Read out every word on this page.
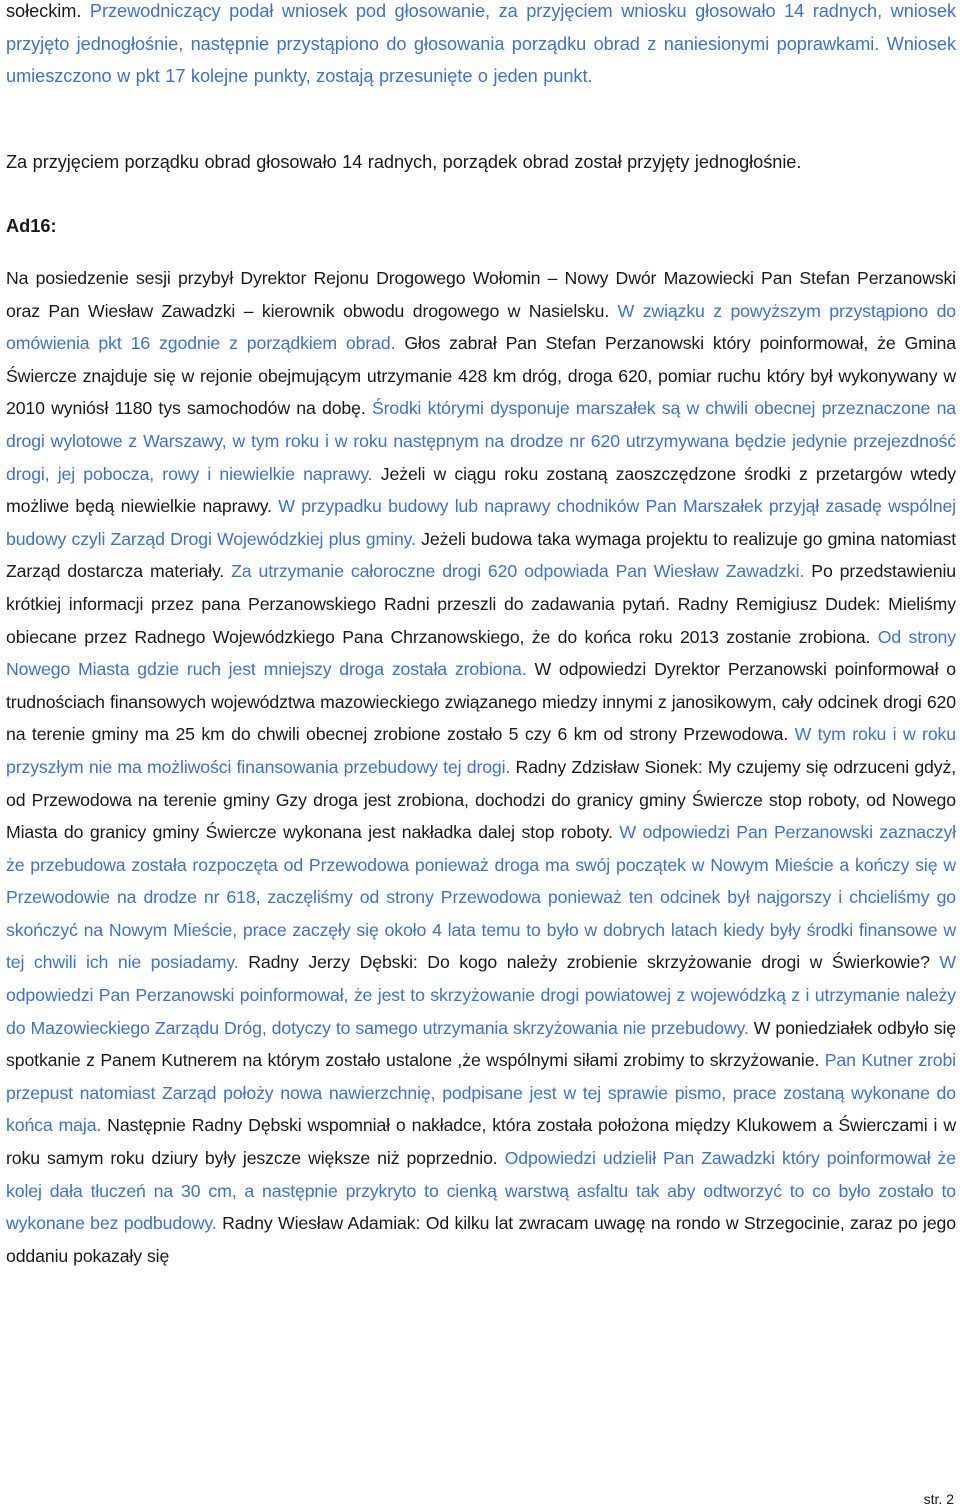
sołeckim. Przewodniczący podał wniosek pod głosowanie, za przyjęciem wniosku głosowało 14 radnych, wniosek przyjęto jednogłośnie, następnie przystąpiono do głosowania porządku obrad z naniesionymi poprawkami. Wniosek umieszczono w pkt 17 kolejne punkty, zostają przesunięte o jeden punkt.

Za przyjęciem porządku obrad głosowało 14 radnych, porządek obrad został przyjęty jednogłośnie.

Ad16:

Na posiedzenie sesji przybył Dyrektor Rejonu Drogowego Wołomin – Nowy Dwór Mazowiecki Pan Stefan Perzanowski oraz Pan Wiesław Zawadzki – kierownik obwodu drogowego w Nasielsku. W związku z powyższym przystąpiono do omówienia pkt 16 zgodnie z porządkiem obrad. Głos zabrał Pan Stefan Perzanowski który poinformował, że Gmina Świercze znajduje się w rejonie obejmującym utrzymanie 428 km dróg, droga 620, pomiar ruchu który był wykonywany w 2010 wyniósł 1180 tys samochodów na dobę. Środki którymi dysponuje marszałek są w chwili obecnej przeznaczone na drogi wylotowe z Warszawy, w tym roku i w roku następnym na drodze nr 620 utrzymywana będzie jedynie przejezdność drogi, jej pobocza, rowy i niewielkie naprawy. Jeżeli w ciągu roku zostaną zaoszczędzone środki z przetargów wtedy możliwe będą niewielkie naprawy. W przypadku budowy lub naprawy chodników Pan Marszałek przyjął zasadę wspólnej budowy czyli Zarząd Drogi Wojewódzkiej plus gminy. Jeżeli budowa taka wymaga projektu to realizuje go gmina natomiast Zarząd dostarcza materiały. Za utrzymanie całoroczne drogi 620 odpowiada Pan Wiesław Zawadzki. Po przedstawieniu krótkiej informacji przez pana Perzanowskiego Radni przeszli do zadawania pytań. Radny Remigiusz Dudek: Mieliśmy obiecane przez Radnego Wojewódzkiego Pana Chrzanowskiego, że do końca roku 2013 zostanie zrobiona. Od strony Nowego Miasta gdzie ruch jest mniejszy droga została zrobiona. W odpowiedzi Dyrektor Perzanowski poinformował o trudnościach finansowych województwa mazowieckiego związanego miedzy innymi z janosikowym, cały odcinek drogi 620 na terenie gminy ma 25 km do chwili obecnej zrobione zostało 5 czy 6 km od strony Przewodowa. W tym roku i w roku przyszłym nie ma możliwości finansowania przebudowy tej drogi. Radny Zdzisław Sionek: My czujemy się odrzuceni gdyż, od Przewodowa na terenie gminy Gzy droga jest zrobiona, dochodzi do granicy gminy Świercze stop roboty, od Nowego Miasta do granicy gminy Świercze wykonana jest nakładka dalej stop roboty. W odpowiedzi Pan Perzanowski zaznaczył że przebudowa została rozpoczęta od Przewodowa ponieważ droga ma swój początek w Nowym Mieście a kończy się w Przewodowie na drodze nr 618, zaczęliśmy od strony Przewodowa ponieważ ten odcinek był najgorszy i chcieliśmy go skończyć na Nowym Mieście, prace zaczęły się około 4 lata temu to było w dobrych latach kiedy były środki finansowe w tej chwili ich nie posiadamy. Radny Jerzy Dębski: Do kogo należy zrobienie skrzyżowanie drogi w Świerkowie? W odpowiedzi Pan Perzanowski poinformował, że jest to skrzyżowanie drogi powiatowej z wojewódzką z i utrzymanie należy do Mazowieckiego Zarządu Dróg, dotyczy to samego utrzymania skrzyżowania nie przebudowy. W poniedziałek odbyło się spotkanie z Panem Kutnerem na którym zostało ustalone ,że wspólnymi siłami zrobimy to skrzyżowanie. Pan Kutner zrobi przepust natomiast Zarząd położy nowa nawierzchnię, podpisane jest w tej sprawie pismo, prace zostaną wykonane do końca maja. Następnie Radny Dębski wspomniał o nakładce, która została położona między Klukowem a Świerczami i w roku samym roku dziury były jeszcze większe niż poprzednio. Odpowiedzi udzielił Pan Zawadzki który poinformował że kolej dała tłuczeń na 30 cm, a następnie przykryto to cienką warstwą asfaltu tak aby odtworzyć to co było zostało to wykonane bez podbudowy. Radny Wiesław Adamiak: Od kilku lat zwracam uwagę na rondo w Strzegocinie, zaraz po jego oddaniu pokazały się

str. 2
